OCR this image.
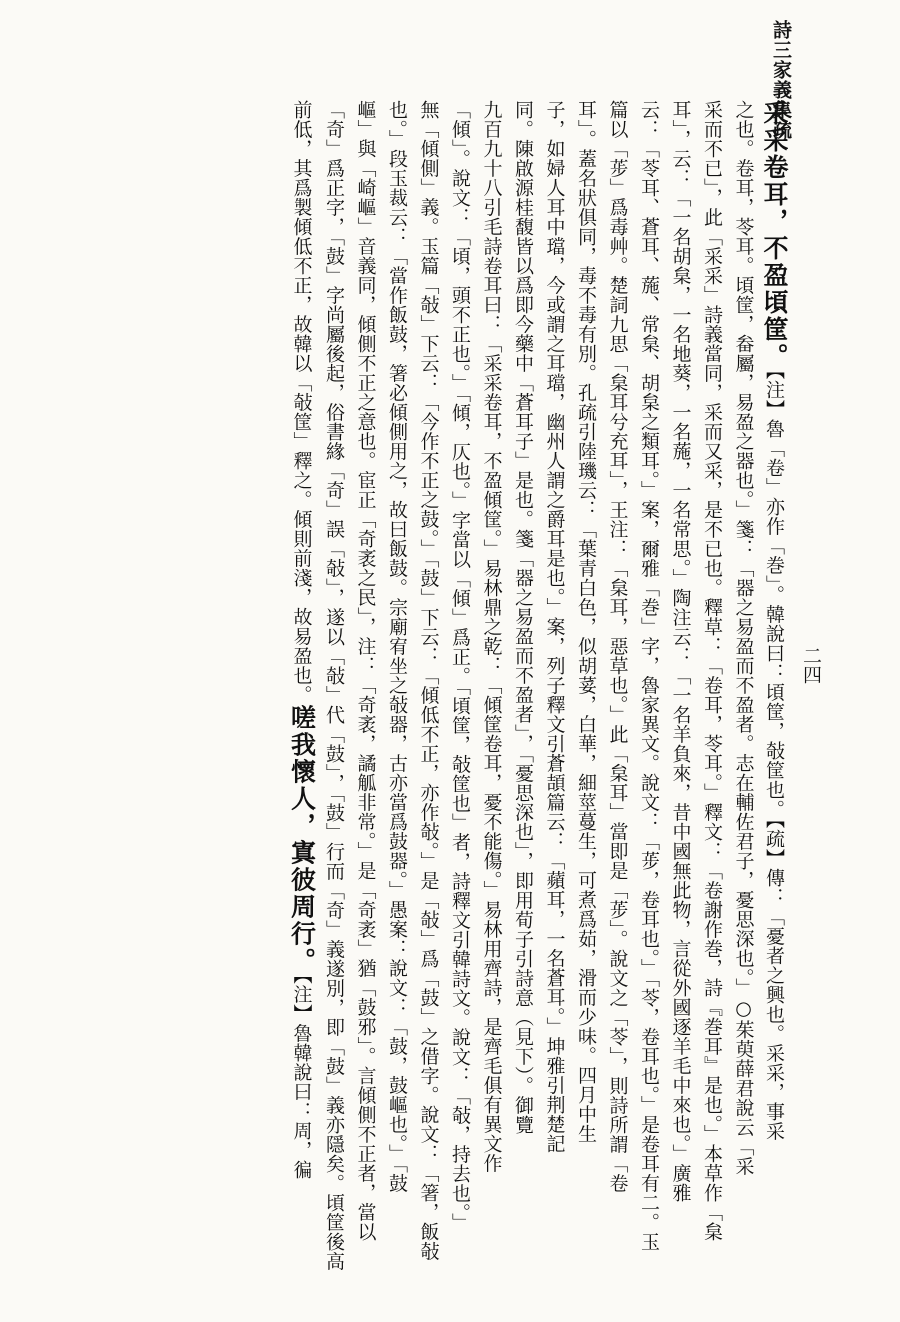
詩三家義集疏
二四
采采卷耳，不盈頃筐。【注】魯「卷」亦作「巻」。韓說曰：頃筐，敧筐也。【疏】傳：「憂者之興也。采采，事采
之也。卷耳，苓耳。頃筐，畚屬，易盈之器也。」箋：「器之易盈而不盈者。志在輔佐君子，憂思深也。」○茱萸薛君說云「采
采而不已」，此「采采」詩義當同，采而又采，是不已也。釋草：「卷耳，苓耳。」釋文：「卷謝作巻，詩『巻耳』是也。」本草作「枲
耳」，云：「一名胡枲，一名地葵，一名葹，一名常思。」陶注云：「一名羊負來，昔中國無此物，言從外國逐羊毛中來也。」廣雅
云：「苓耳、蒼耳、葹、常枲、胡枲之類耳。」案，爾雅「巻」字，魯家異文。說文：「荹，卷耳也。」「苓，卷耳也。」是卷耳有二。玉
篇以「荹」爲毒艸。楚詞九思「枲耳兮充耳」，王注：「枲耳，惡草也。」此「枲耳」當即是「荹」。說文之「苓」，則詩所謂「卷
耳」。蓋名狀俱同，毒不毒有別。孔疏引陸璣云：「葉青白色，似胡荽，白華，細莖蔓生，可煮爲茹，滑而少味。四月中生
子，如婦人耳中璫，今或謂之耳璫，幽州人謂之爵耳是也。」案，列子釋文引蒼頡篇云：「蘋耳，一名蒼耳。」坤雅引荆楚記
同。陳啟源桂馥皆以爲即今藥中「蒼耳子」是也。箋「器之易盈而不盈者」，「憂思深也」，即用荀子引詩意（見下）。御覽
九百九十八引毛詩卷耳曰：「采采卷耳，不盈傾筐。」易林鼎之乾：「傾筐卷耳，憂不能傷。」易林用齊詩，是齊毛俱有異文作
「傾」。說文：「頃，頭不正也。」「傾，仄也。」字當以「傾」爲正。「頃筐，敧筐也」者，詩釋文引韓詩文。說文：「敧，持去也。」
無「傾側」義。玉篇「敧」下云：「今作不正之鼓。」「鼓」下云：「傾低不正，亦作敧。」是「敧」爲「鼓」之借字。說文：「箸，飯敧
也。」段玉裁云：「當作飯鼓，箸必傾側用之，故曰飯鼓。宗廟宥坐之敧器，古亦當爲鼓器。」愚案：說文：「鼓，鼓嶇也。」「鼓
嶇」與「崎嶇」音義同，傾側不正之意也。宦正「奇袤之民」，注：「奇袤，譎觚非常。」是「奇袤」猶「鼓邪」。言傾側不正者，當以
「奇」爲正字，「鼓」字尚屬後起，俗書緣「奇」誤「敧」，遂以「敧」代「鼓」，「鼓」行而「奇」義遂別，即「鼓」義亦隱矣。頃筐後高
前低，其爲製傾低不正，故韓以「敧筐」釋之。傾則前淺，故易盈也。嗟我懷人，寘彼周行。【注】魯韓說曰：周，徧
